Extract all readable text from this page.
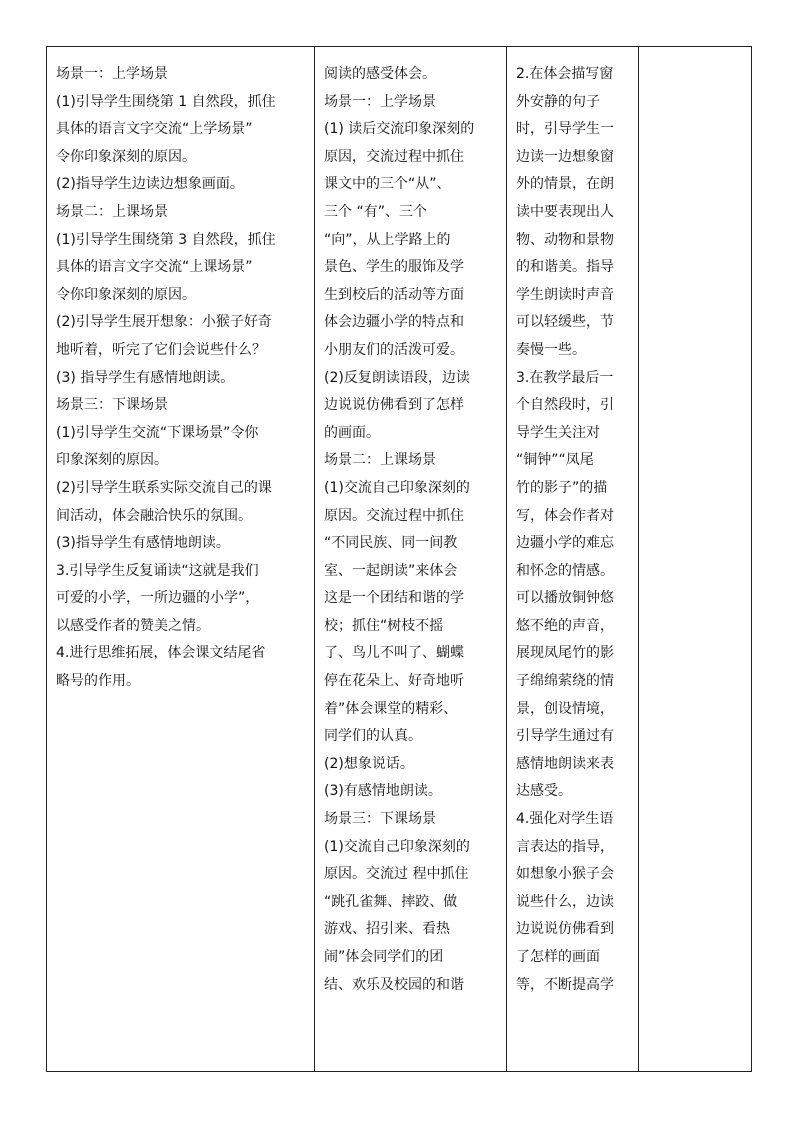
场景一：上学场景
(1)引导学生围绕第 1 自然段，抓住
具体的语言文字交流“上学场景”
令你印象深刻的原因。
(2)指导学生边读边想象画面。
场景二：上课场景
(1)引导学生围绕第 3 自然段，抓住
具体的语言文字交流“上课场景”
令你印象深刻的原因。
(2)引导学生展开想象：小猴子好奇
地听着，听完了它们会说些什么？
(3) 指导学生有感情地朗读。
场景三：下课场景
(1)引导学生交流“下课场景”令你
印象深刻的原因。
(2)引导学生联系实际交流自己的课
间活动，体会融洽快乐的氛围。
(3)指导学生有感情地朗读。
3.引导学生反复诵读“这就是我们
可爱的小学，一所边疆的小学”，
以感受作者的赞美之情。
4.进行思维拓展，体会课文结尾省
略号的作用。

阅读的感受体会。
场景一：上学场景
(1) 读后交流印象深刻的
原因，交流过程中抓住
课文中的三个“从”、
三个 “有”、三个
“向”，从上学路上的
景色、学生的服饰及学
生到校后的活动等方面
体会边疆小学的特点和
小朋友们的活泼可爱。
(2)反复朗读语段，边读
边说说仿佛看到了怎样
的画面。
场景二：上课场景
(1)交流自己印象深刻的
原因。交流过程中抓住
“不同民族、同一间教
室、一起朗读”来体会
这是一个团结和谐的学
校；抓住“树枝不摇
了、鸟儿不叫了、蝴蝶
停在花朵上、好奇地听
着”体会课堂的精彩、
同学们的认真。
(2)想象说话。
(3)有感情地朗读。
场景三：下课场景
(1)交流自己印象深刻的
原因。交流过 程中抓住
“跳孔雀舞、摔跤、做
游戏、招引来、看热
闹”体会同学们的团
结、欢乐及校园的和谐

2.在体会描写窗
外安静的句子
时，引导学生一
边读一边想象窗
外的情景，在朗
读中要表现出人
物、动物和景物
的和谐美。指导
学生朗读时声音
可以轻缓些，节
奏慢一些。
3.在教学最后一
个自然段时，引
导学生关注对
“铜钟”“凤尾
竹的影子”的描
写，体会作者对
边疆小学的难忘
和怀念的情感。
可以播放铜钟悠
悠不绝的声音，
展现凤尾竹的影
子绵绵萦绕的情
景，创设情境，
引导学生通过有
感情地朗读来表
达感受。
4.强化对学生语
言表达的指导，
如想象小猴子会
说些什么，边读
边说说仿佛看到
了怎样的画面
等，不断提高学
